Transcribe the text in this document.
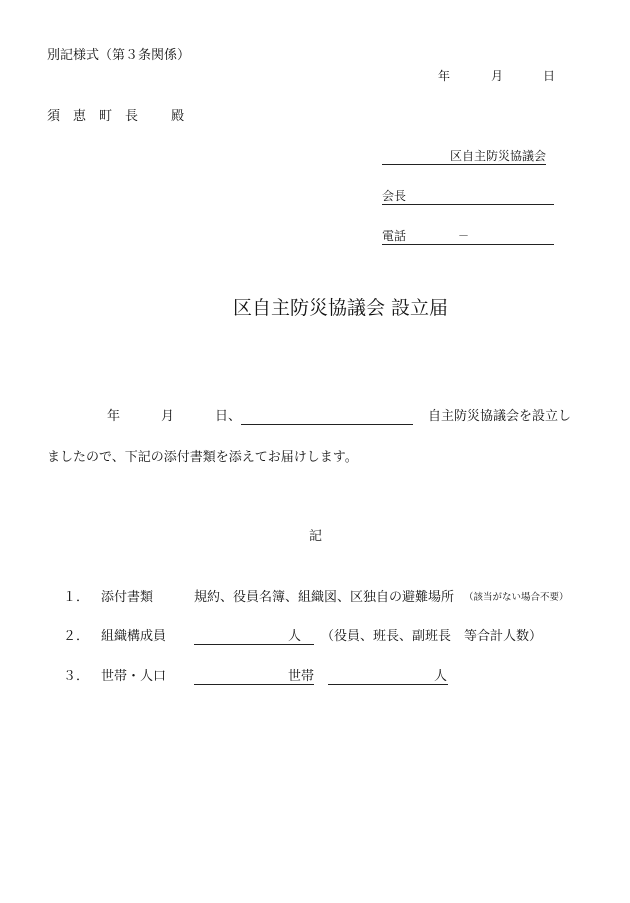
別記様式（第３条関係）
年	月	日
須 恵 町 長	殿
区自主防災協議会
会長
電話	－
区自主防災協議会 設立届
年	月	日、	自主防災協議会を設立し
ましたので、下記の添付書類を添えてお届けします。
記
１． 添付書類	規約、役員名簿、組織図、区独自の避難場所 （該当がない場合不要）
２． 組織構成員	人 （役員、班長、副班長　等合計人数）
３． 世帯・人口	世帯	人
